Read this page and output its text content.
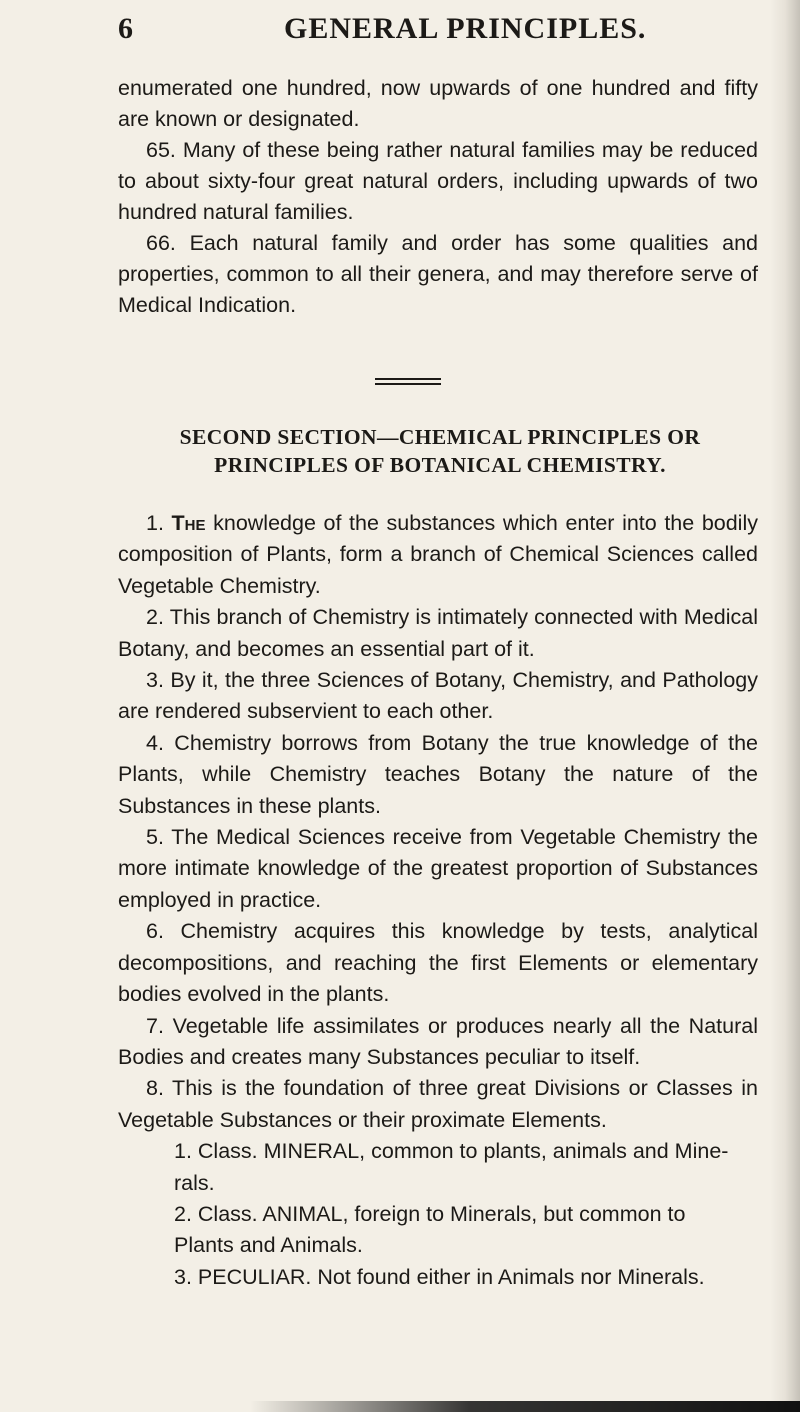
6	GENERAL PRINCIPLES.

enumerated one hundred, now upwards of one hundred and fifty are known or designated.

65. Many of these being rather natural families may be reduced to about sixty-four great natural orders, including upwards of two hundred natural families.

66. Each natural family and order has some qualities and properties, common to all their genera, and may therefore serve of Medical Indication.

SECOND SECTION—CHEMICAL PRINCIPLES OR
PRINCIPLES OF BOTANICAL CHEMISTRY.

1. The knowledge of the substances which enter into the bodily composition of Plants, form a branch of Chemical Sciences called Vegetable Chemistry.

2. This branch of Chemistry is intimately connected with Medical Botany, and becomes an essential part of it.

3. By it, the three Sciences of Botany, Chemistry, and Pathology are rendered subservient to each other.

4. Chemistry borrows from Botany the true knowledge of the Plants, while Chemistry teaches Botany the nature of the Substances in these plants.

5. The Medical Sciences receive from Vegetable Chemistry the more intimate knowledge of the greatest proportion of Substances employed in practice.

6. Chemistry acquires this knowledge by tests, analytical decompositions, and reaching the first Elements or elementary bodies evolved in the plants.

7. Vegetable life assimilates or produces nearly all the Natural Bodies and creates many Substances peculiar to itself.

8. This is the foundation of three great Divisions or Classes in Vegetable Substances or their proximate Elements.

1. Class. MINERAL, common to plants, animals and Mine-
rals.

2. Class. ANIMAL, foreign to Minerals, but common to
Plants and Animals.

3. PECULIAR. Not found either in Animals nor Minerals.
